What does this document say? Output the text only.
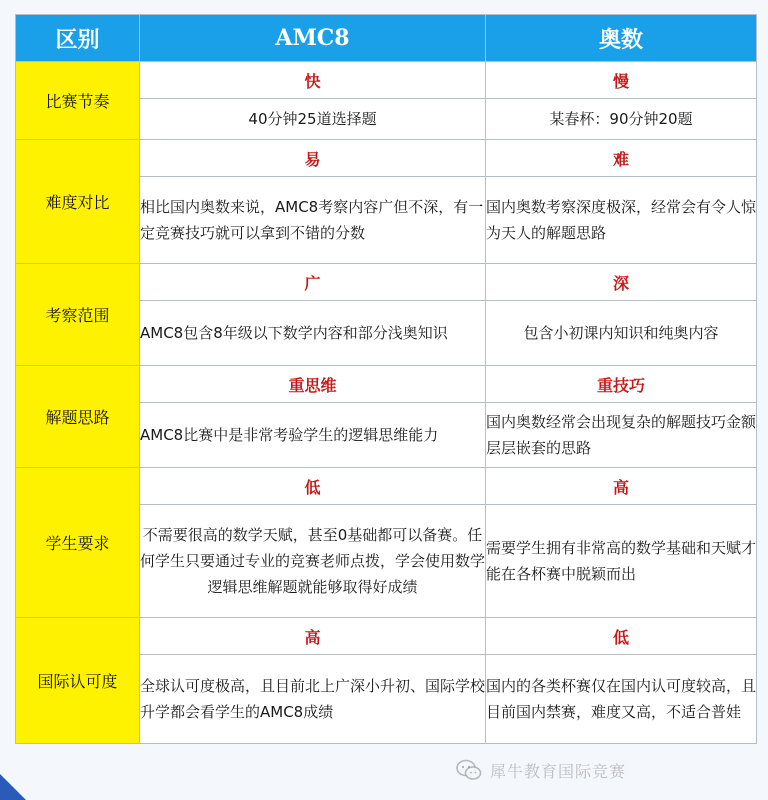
区别	AMC8	奥数
比赛节奏	快	慢
	40分钟25道选择题	某春杯：90分钟20题
难度对比	易	难
	相比国内奥数来说，AMC8考察内容广但不深，有一定竞赛技巧就可以拿到不错的分数	国内奥数考察深度极深，经常会有令人惊为天人的解题思路
考察范围	广	深
	AMC8包含8年级以下数学内容和部分浅奥知识	包含小初课内知识和纯奥内容
解题思路	重思维	重技巧
	AMC8比赛中是非常考验学生的逻辑思维能力	国内奥数经常会出现复杂的解题技巧金额层层嵌套的思路
学生要求	低	高
	不需要很高的数学天赋，甚至0基础都可以备赛。任何学生只要通过专业的竞赛老师点拨，学会使用数学逻辑思维解题就能够取得好成绩	需要学生拥有非常高的数学基础和天赋才能在各杯赛中脱颖而出
国际认可度	高	低
	全球认可度极高，且目前北上广深小升初、国际学校升学都会看学生的AMC8成绩	国内的各类杯赛仅在国内认可度较高，且目前国内禁赛，难度又高，不适合普娃
犀牛教育国际竞赛
